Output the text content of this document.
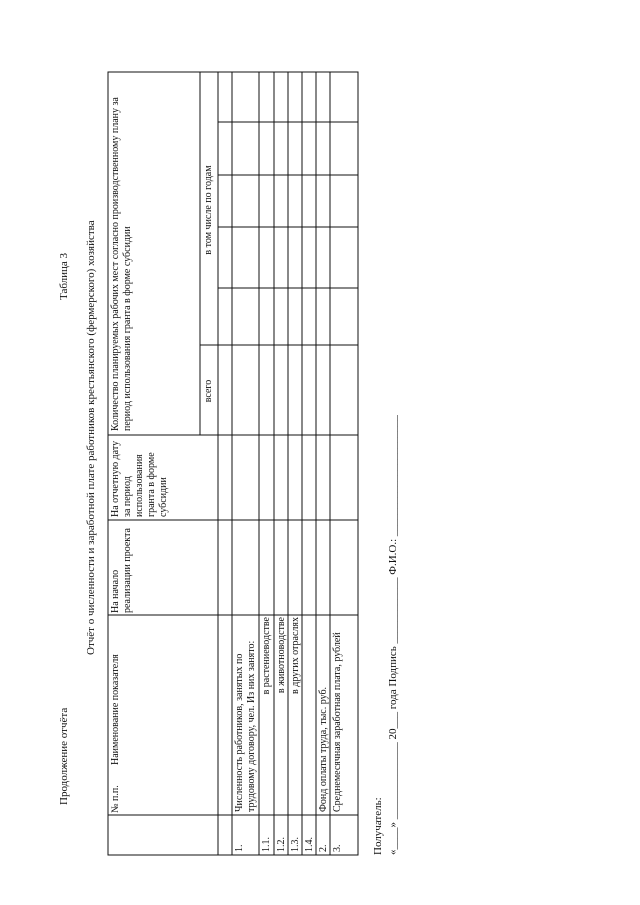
Продолжение отчёта
Таблица 3 Отчёт о численности и заработной плате работников крестьянского (фермерского) хозяйства
№ п.п.
Наименование показателя
На начало реализации проекта
На отчетную дату за период использования гранта в форме субсидии
Количество планируемых рабочих мест согласно производственному плану за период использования гранта в форме субсидии	всего
в том числе по годам
1.
Численность работников, занятых по трудовому договору, чел. Из них занято:
1.1.
в растениеводстве
1.2.
в животноводстве
1.3.
в других отраслях
1.4. 2.
Фонд оплаты труда, тыс. руб.
3.
Среднемесячная заработная плата, рублей
Получатель: «____» ______________ 20___ года Подпись ____________ Ф.И.О.: ______________________
